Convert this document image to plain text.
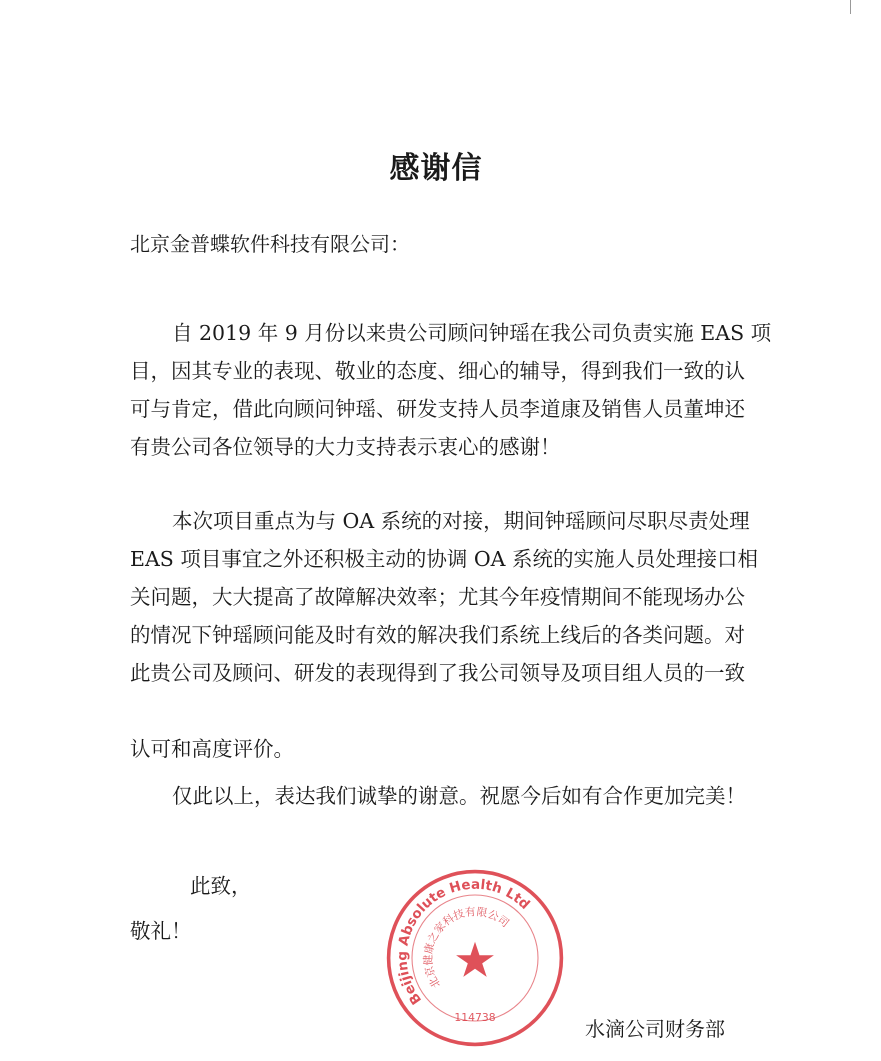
感谢信
北京金普蝶软件科技有限公司：
自 2019 年 9 月份以来贵公司顾问钟瑶在我公司负责实施 EAS 项
目，因其专业的表现、敬业的态度、细心的辅导，得到我们一致的认
可与肯定，借此向顾问钟瑶、研发支持人员李道康及销售人员董坤还
有贵公司各位领导的大力支持表示衷心的感谢！
本次项目重点为与 OA 系统的对接，期间钟瑶顾问尽职尽责处理
EAS 项目事宜之外还积极主动的协调 OA 系统的实施人员处理接口相
关问题，大大提高了故障解决效率；尤其今年疫情期间不能现场办公
的情况下钟瑶顾问能及时有效的解决我们系统上线后的各类问题。对
此贵公司及顾问、研发的表现得到了我公司领导及项目组人员的一致
认可和高度评价。
仅此以上，表达我们诚挚的谢意。祝愿今后如有合作更加完美！
此致，
敬礼！
Beijing Absolute Health Ltd
北京健康之家科技有限公司
114738	水滴公司财务部
